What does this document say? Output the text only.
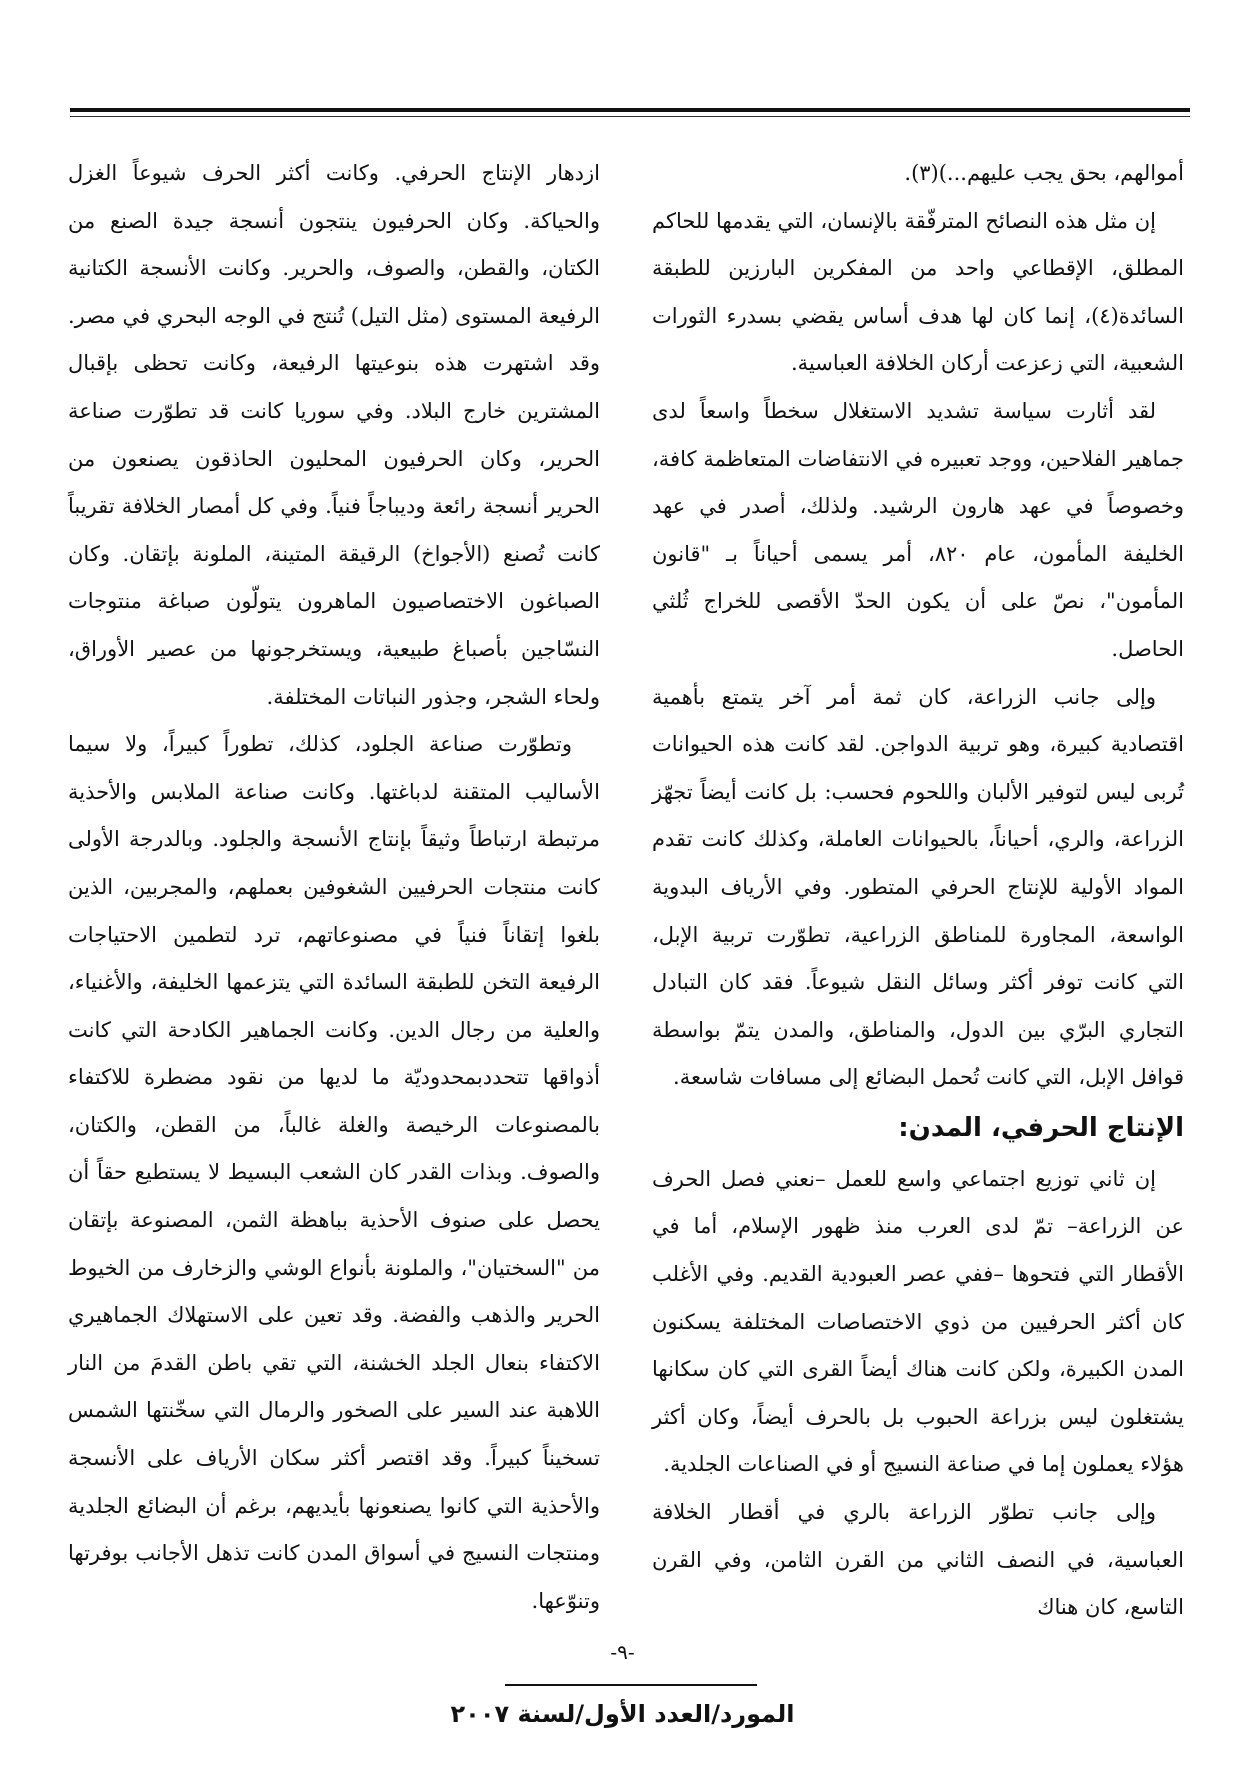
أموالهم، بحق يجب عليهم...)(٣).

إن مثل هذه النصائح المترفّقة بالإنسان، التي يقدمها للحاكم المطلق، الإقطاعي واحد من المفكرين البارزين للطبقة السائدة(٤)، إنما كان لها هدف أساس يقضي بسدرء الثورات الشعبية، التي زعزعت أركان الخلافة العباسية.

لقد أثارت سياسة تشديد الاستغلال سخطاً واسعاً لدى جماهير الفلاحين، ووجد تعبيره في الانتفاضات المتعاظمة كافة، وخصوصاً في عهد هارون الرشيد. ولذلك، أصدر في عهد الخليفة المأمون، عام ٨٢٠، أمر يسمى أحياناً بـ "قانون المأمون"، نصّ على أن يكون الحدّ الأقصى للخراج ثُلثي الحاصل.

وإلى جانب الزراعة، كان ثمة أمر آخر يتمتع بأهمية اقتصادية كبيرة، وهو تربية الدواجن. لقد كانت هذه الحيوانات تُربى ليس لتوفير الألبان واللحوم فحسب: بل كانت أيضاً تجهّز الزراعة، والري، أحياناً، بالحيوانات العاملة، وكذلك كانت تقدم المواد الأولية للإنتاج الحرفي المتطور. وفي الأرياف البدوية الواسعة، المجاورة للمناطق الزراعية، تطوّرت تربية الإبل، التي كانت توفر أكثر وسائل النقل شيوعاً. فقد كان التبادل التجاري البرّي بين الدول، والمناطق، والمدن يتمّ بواسطة قوافل الإبل، التي كانت تُحمل البضائع إلى مسافات شاسعة.

الإنتاج الحرفي، المدن:

إن ثاني توزيع اجتماعي واسع للعمل –نعني فصل الحرف عن الزراعة– تمّ لدى العرب منذ ظهور الإسلام، أما في الأقطار التي فتحوها –ففي عصر العبودية القديم. وفي الأغلب كان أكثر الحرفيين من ذوي الاختصاصات المختلفة يسكنون المدن الكبيرة، ولكن كانت هناك أيضاً القرى التي كان سكانها يشتغلون ليس بزراعة الحبوب بل بالحرف أيضاً، وكان أكثر هؤلاء يعملون إما في صناعة النسيج أو في الصناعات الجلدية.

وإلى جانب تطوّر الزراعة بالري في أقطار الخلافة العباسية، في النصف الثاني من القرن الثامن، وفي القرن التاسع، كان هناك

ازدهار الإنتاج الحرفي. وكانت أكثر الحرف شيوعاً الغزل والحياكة. وكان الحرفيون ينتجون أنسجة جيدة الصنع من الكتان، والقطن، والصوف، والحرير. وكانت الأنسجة الكتانية الرفيعة المستوى (مثل التيل) تُنتج في الوجه البحري في مصر. وقد اشتهرت هذه بنوعيتها الرفيعة، وكانت تحظى بإقبال المشترين خارج البلاد. وفي سوريا كانت قد تطوّرت صناعة الحرير، وكان الحرفيون المحليون الحاذقون يصنعون من الحرير أنسجة رائعة وديباجاً فنياً. وفي كل أمصار الخلافة تقريباً كانت تُصنع (الأجواخ) الرقيقة المتينة، الملونة بإتقان. وكان الصباغون الاختصاصيون الماهرون يتولّون صباغة منتوجات النسّاجين بأصباغ طبيعية، ويستخرجونها من عصير الأوراق، ولحاء الشجر، وجذور النباتات المختلفة.

وتطوّرت صناعة الجلود، كذلك، تطوراً كبيراً، ولا سيما الأساليب المتقنة لدباغتها. وكانت صناعة الملابس والأحذية مرتبطة ارتباطاً وثيقاً بإنتاج الأنسجة والجلود. وبالدرجة الأولى كانت منتجات الحرفيين الشغوفين بعملهم، والمجربين، الذين بلغوا إتقاناً فنياً في مصنوعاتهم، ترد لتطمين الاحتياجات الرفيعة التخن للطبقة السائدة التي يتزعمها الخليفة، والأغنياء، والعلية من رجال الدين. وكانت الجماهير الكادحة التي كانت أذواقها تتحددبمحدوديّة ما لديها من نقود مضطرة للاكتفاء بالمصنوعات الرخيصة والغلة غالباً، من القطن، والكتان، والصوف. وبذات القدر كان الشعب البسيط لا يستطيع حقاً أن يحصل على صنوف الأحذية بباهظة الثمن، المصنوعة بإتقان من "السختيان"، والملونة بأنواع الوشي والزخارف من الخيوط الحرير والذهب والفضة. وقد تعين على الاستهلاك الجماهيري الاكتفاء بنعال الجلد الخشنة، التي تقي باطن القدمَ من النار اللاهبة عند السير على الصخور والرمال التي سخّنتها الشمس تسخيناً كبيراً. وقد اقتصر أكثر سكان الأرياف على الأنسجة والأحذية التي كانوا يصنعونها بأيديهم، برغم أن البضائع الجلدية ومنتجات النسيج في أسواق المدن كانت تذهل الأجانب بوفرتها وتنوّعها.

-٩-
المورد/العدد الأول/لسنة ٢٠٠٧
